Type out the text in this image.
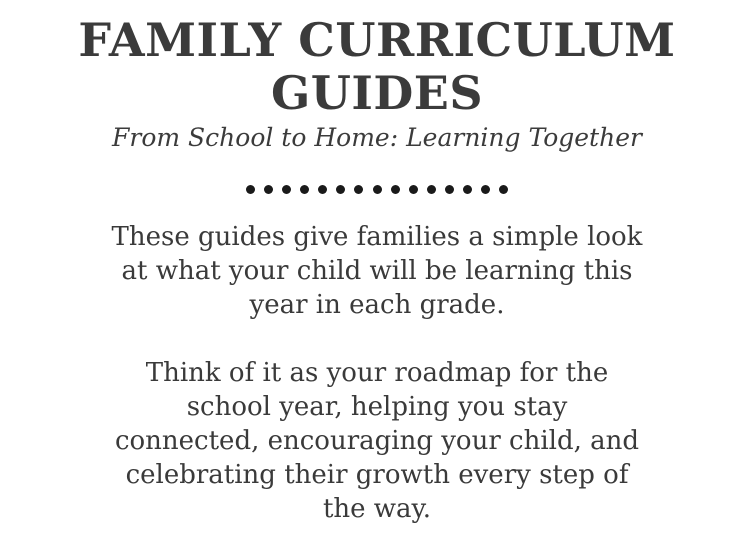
FAMILY CURRICULUM
GUIDES

From School to Home: Learning Together

These guides give families a simple look
at what your child will be learning this
year in each grade.

Think of it as your roadmap for the
school year, helping you stay
connected, encouraging your child, and
celebrating their growth every step of
the way.
